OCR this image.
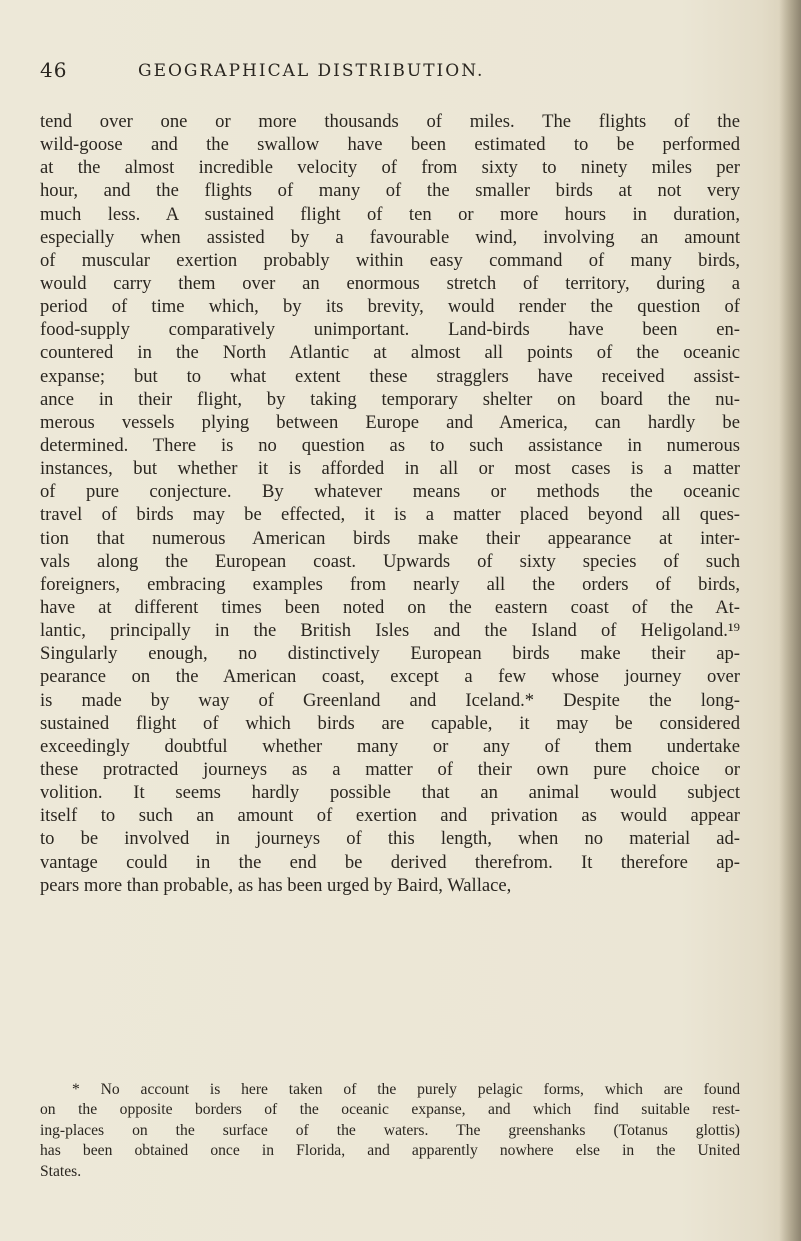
46	GEOGRAPHICAL DISTRIBUTION.
tend over one or more thousands of miles. The flights of the
wild-goose and the swallow have been estimated to be performed
at the almost incredible velocity of from sixty to ninety miles per
hour, and the flights of many of the smaller birds at not very
much less. A sustained flight of ten or more hours in duration,
especially when assisted by a favourable wind, involving an amount
of muscular exertion probably within easy command of many birds,
would carry them over an enormous stretch of territory, during a
period of time which, by its brevity, would render the question of
food-supply comparatively unimportant. Land-birds have been en-
countered in the North Atlantic at almost all points of the oceanic
expanse; but to what extent these stragglers have received assist-
ance in their flight, by taking temporary shelter on board the nu-
merous vessels plying between Europe and America, can hardly be
determined. There is no question as to such assistance in numerous
instances, but whether it is afforded in all or most cases is a matter
of pure conjecture. By whatever means or methods the oceanic
travel of birds may be effected, it is a matter placed beyond all ques-
tion that numerous American birds make their appearance at inter-
vals along the European coast. Upwards of sixty species of such
foreigners, embracing examples from nearly all the orders of birds,
have at different times been noted on the eastern coast of the At-
lantic, principally in the British Isles and the Island of Heligoland.¹⁹
Singularly enough, no distinctively European birds make their ap-
pearance on the American coast, except a few whose journey over
is made by way of Greenland and Iceland.* Despite the long-
sustained flight of which birds are capable, it may be considered
exceedingly doubtful whether many or any of them undertake
these protracted journeys as a matter of their own pure choice or
volition. It seems hardly possible that an animal would subject
itself to such an amount of exertion and privation as would appear
to be involved in journeys of this length, when no material ad-
vantage could in the end be derived therefrom. It therefore ap-
pears more than probable, as has been urged by Baird, Wallace,
* No account is here taken of the purely pelagic forms, which are found
on the opposite borders of the oceanic expanse, and which find suitable rest-
ing-places on the surface of the waters. The greenshanks (Totanus glottis)
has been obtained once in Florida, and apparently nowhere else in the United
States.
